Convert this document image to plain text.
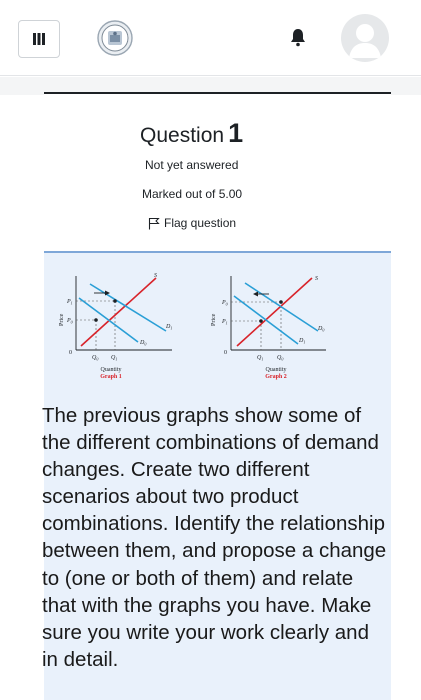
Question 1
Not yet answered
Marked out of 5.00
Flag question
Price
$P_1$
$P_0$
0
$Q_0$ $Q_1$
S
$D_1$
$D_0$
Quantity
Graph 1
Price
$P_0$
$P_1$
0
$Q_1$ $Q_0$
S
$D_0$
$D_1$
Quantity
Graph 2
The previous graphs show some of the different combinations of demand changes. Create two different scenarios about two product combinations. Identify the relationship between them, and propose a change to (one or both of them) and relate that with the graphs you have. Make sure you write your work clearly and in detail.
